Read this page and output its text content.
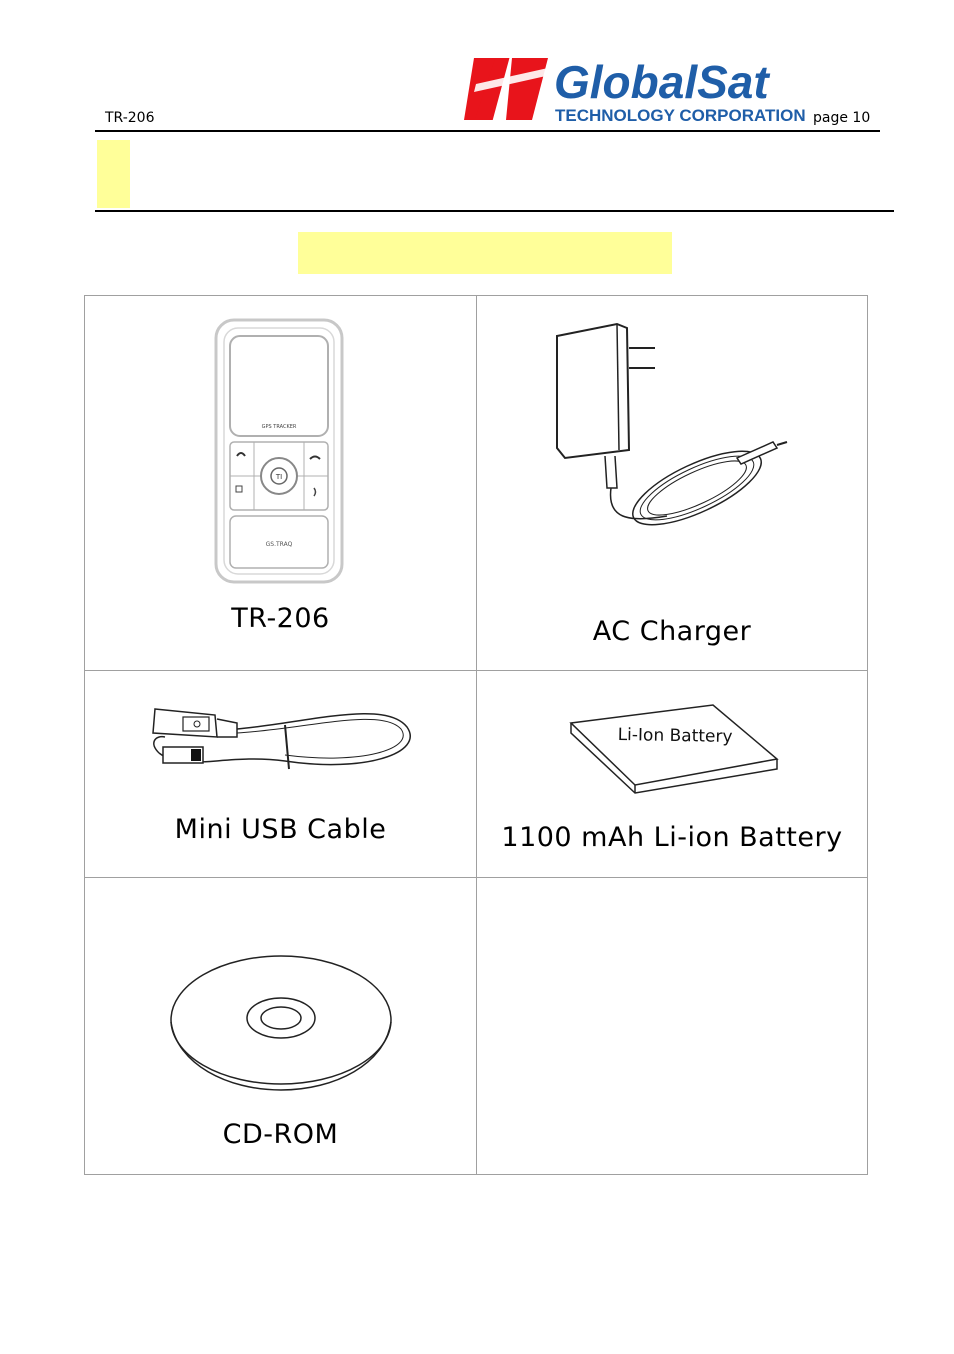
TR-206
GlobalSat
TECHNOLOGY CORPORATION page 10
GPS TRACKER
TI
GS.TRAQ
TR-206	AC Charger
Mini USB Cable
Li-Ion Battery
1100 mAh Li-ion Battery
CD-ROM
